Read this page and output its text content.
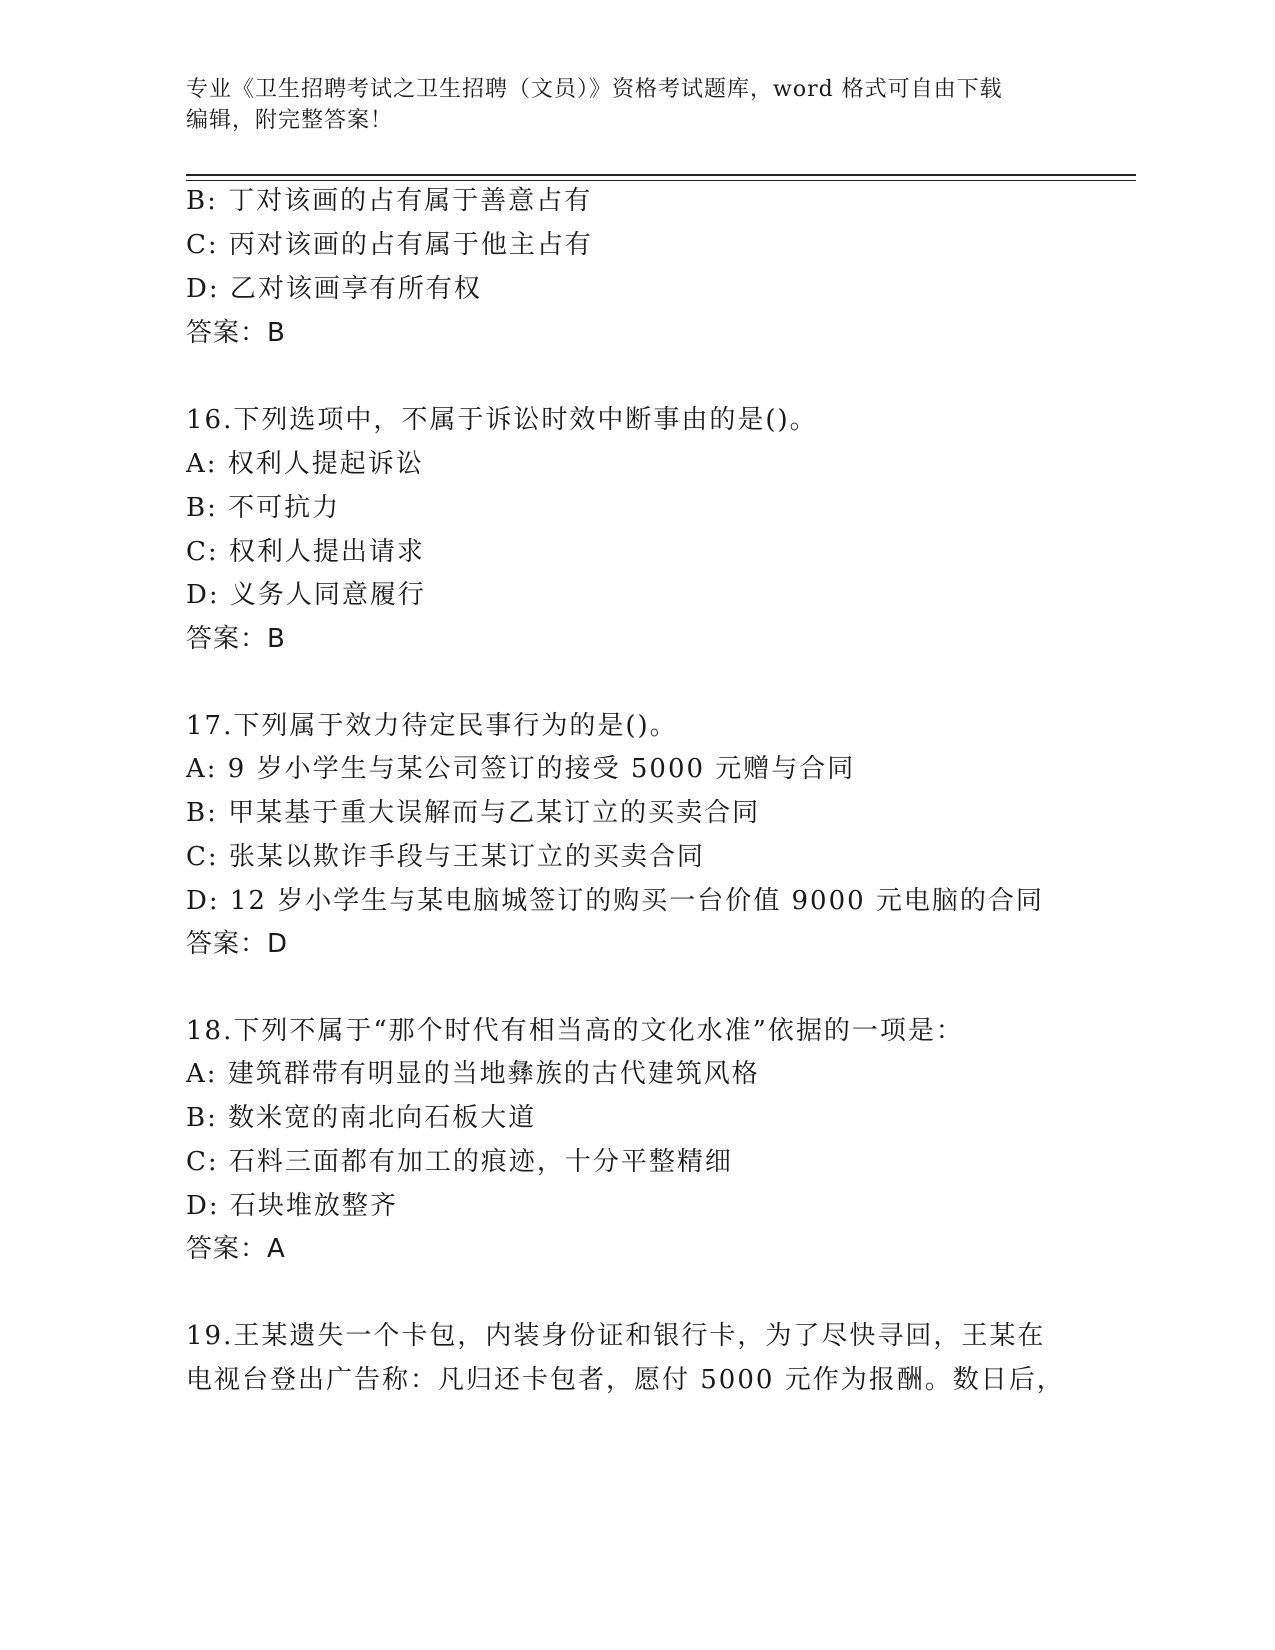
专业《卫生招聘考试之卫生招聘（文员）》资格考试题库，word 格式可自由下载
编辑，附完整答案！
B: 丁对该画的占有属于善意占有
C: 丙对该画的占有属于他主占有
D: 乙对该画享有所有权
答案：B
16.下列选项中，不属于诉讼时效中断事由的是()。
A: 权利人提起诉讼
B: 不可抗力
C: 权利人提出请求
D: 义务人同意履行
答案：B
17.下列属于效力待定民事行为的是()。
A: 9 岁小学生与某公司签订的接受 5000 元赠与合同
B: 甲某基于重大误解而与乙某订立的买卖合同
C: 张某以欺诈手段与王某订立的买卖合同
D: 12 岁小学生与某电脑城签订的购买一台价值 9000 元电脑的合同
答案：D
18.下列不属于“那个时代有相当高的文化水准”依据的一项是：
A: 建筑群带有明显的当地彝族的古代建筑风格
B: 数米宽的南北向石板大道
C: 石料三面都有加工的痕迹，十分平整精细
D: 石块堆放整齐
答案：A
19.王某遗失一个卡包，内装身份证和银行卡，为了尽快寻回，王某在
电视台登出广告称：凡归还卡包者，愿付 5000 元作为报酬。数日后，
